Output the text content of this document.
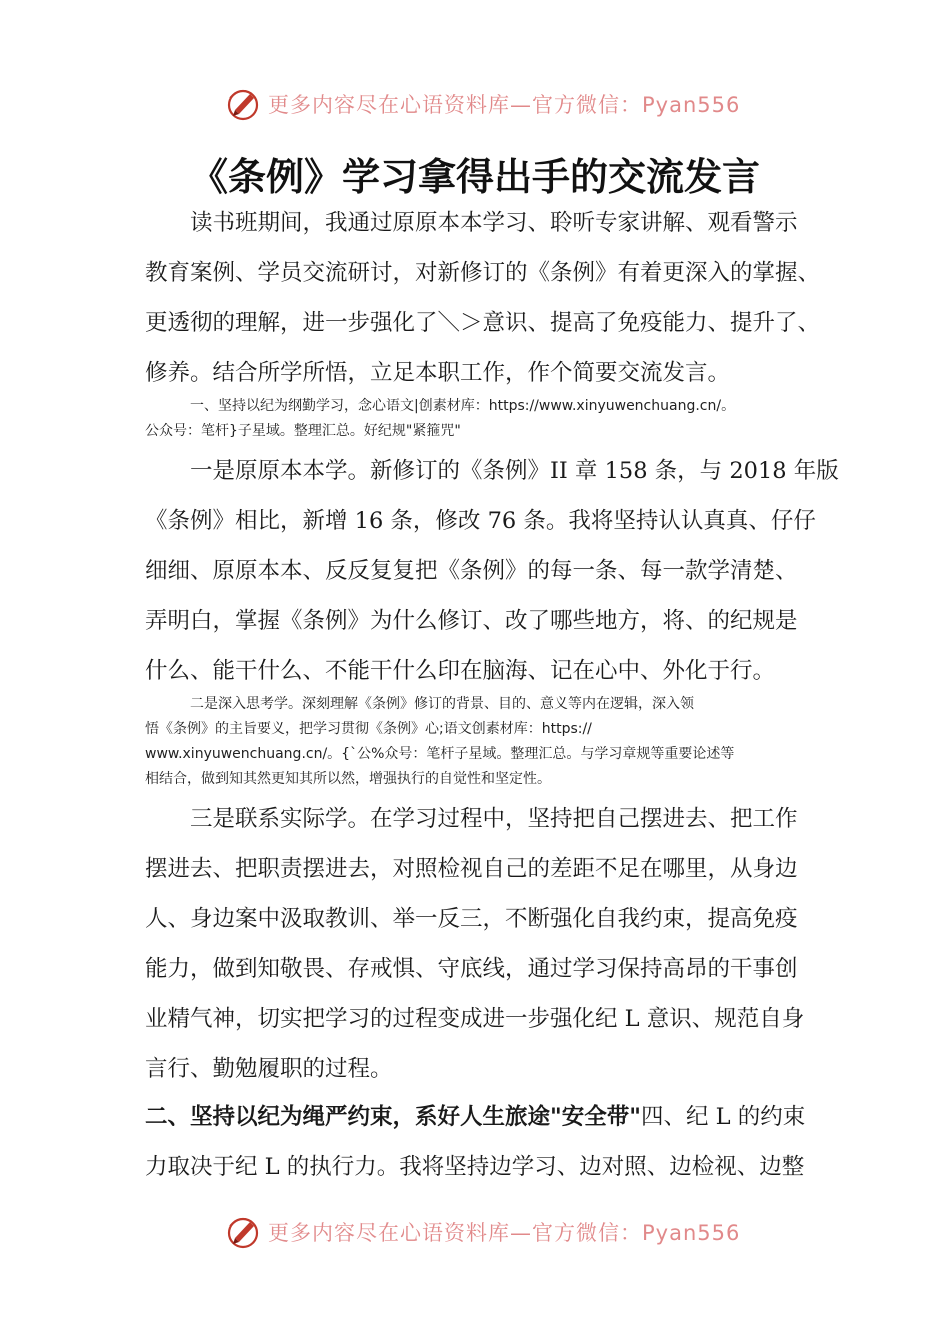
更多内容尽在心语资料库—官方微信：Pyan556
《条例》学习拿得出手的交流发言
读书班期间，我通过原原本本学习、聆听专家讲解、观看警示
教育案例、学员交流研讨，对新修订的《条例》有着更深入的掌握、
更透彻的理解，进一步强化了＼＞意识、提高了免疫能力、提升了、
修养。结合所学所悟，立足本职工作，作个简要交流发言。
一、坚持以纪为纲勤学习，念心语文|创素材库：https://www.xinyuwenchuang.cn/。
公众号：笔杆}子星域。整理汇总。好纪规"紧箍咒"
一是原原本本学。新修订的《条例》II 章 158 条，与 2018 年版
《条例》相比，新增 16 条，修改 76 条。我将坚持认认真真、仔仔
细细、原原本本、反反复复把《条例》的每一条、每一款学清楚、
弄明白，掌握《条例》为什么修订、改了哪些地方，将、的纪规是
什么、能干什么、不能干什么印在脑海、记在心中、外化于行。
二是深入思考学。深刻理解《条例》修订的背景、目的、意义等内在逻辑，深入领
悟《条例》的主旨要义，把学习贯彻《条例》心;语文创素材库：https://
www.xinyuwenchuang.cn/。{`公%众号：笔杆子星域。整理汇总。与学习章规等重要论述等
相结合，做到知其然更知其所以然，增强执行的自觉性和坚定性。
三是联系实际学。在学习过程中，坚持把自己摆进去、把工作
摆进去、把职责摆进去，对照检视自己的差距不足在哪里，从身边
人、身边案中汲取教训、举一反三，不断强化自我约束，提高免疫
能力，做到知敬畏、存戒惧、守底线，通过学习保持高昂的干事创
业精气神，切实把学习的过程变成进一步强化纪 L 意识、规范自身
言行、勤勉履职的过程。
二、坚持以纪为绳严约束，系好人生旅途"安全带"四、纪 L 的约束
力取决于纪 L 的执行力。我将坚持边学习、边对照、边检视、边整
更多内容尽在心语资料库—官方微信：Pyan556
